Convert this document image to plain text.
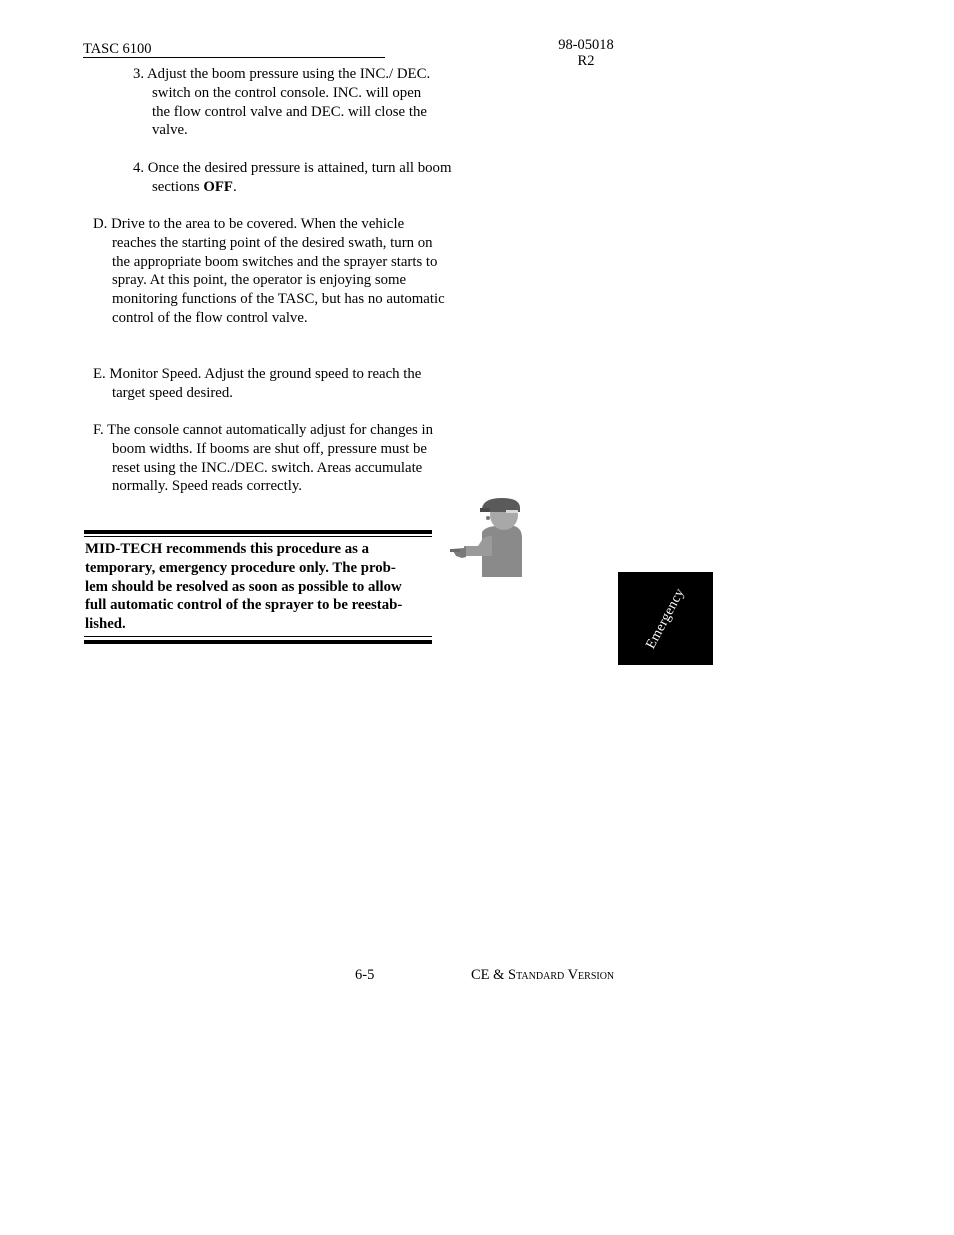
TASC 6100	98-05018
R2
3. Adjust the boom pressure using the INC./ DEC. switch on the control console. INC. will open the flow control valve and DEC. will close the valve.
4. Once the desired pressure is attained, turn all boom sections OFF.
D. Drive to the area to be covered. When the vehicle reaches the starting point of the desired swath, turn on the appropriate boom switches and the sprayer starts to spray. At this point, the operator is enjoying some monitoring functions of the TASC, but has no automatic control of the flow control valve.
E. Monitor Speed. Adjust the ground speed to reach the target speed desired.
F. The console cannot automatically adjust for changes in boom widths. If booms are shut off, pressure must be reset using the INC./DEC. switch. Areas accumulate normally. Speed reads correctly.
MID-TECH recommends this procedure as a
temporary, emergency procedure only. The prob-
lem should be resolved as soon as possible to allow
full automatic control of the sprayer to be reestab-
lished.	Emergency
6-5	CE & Standard Version
